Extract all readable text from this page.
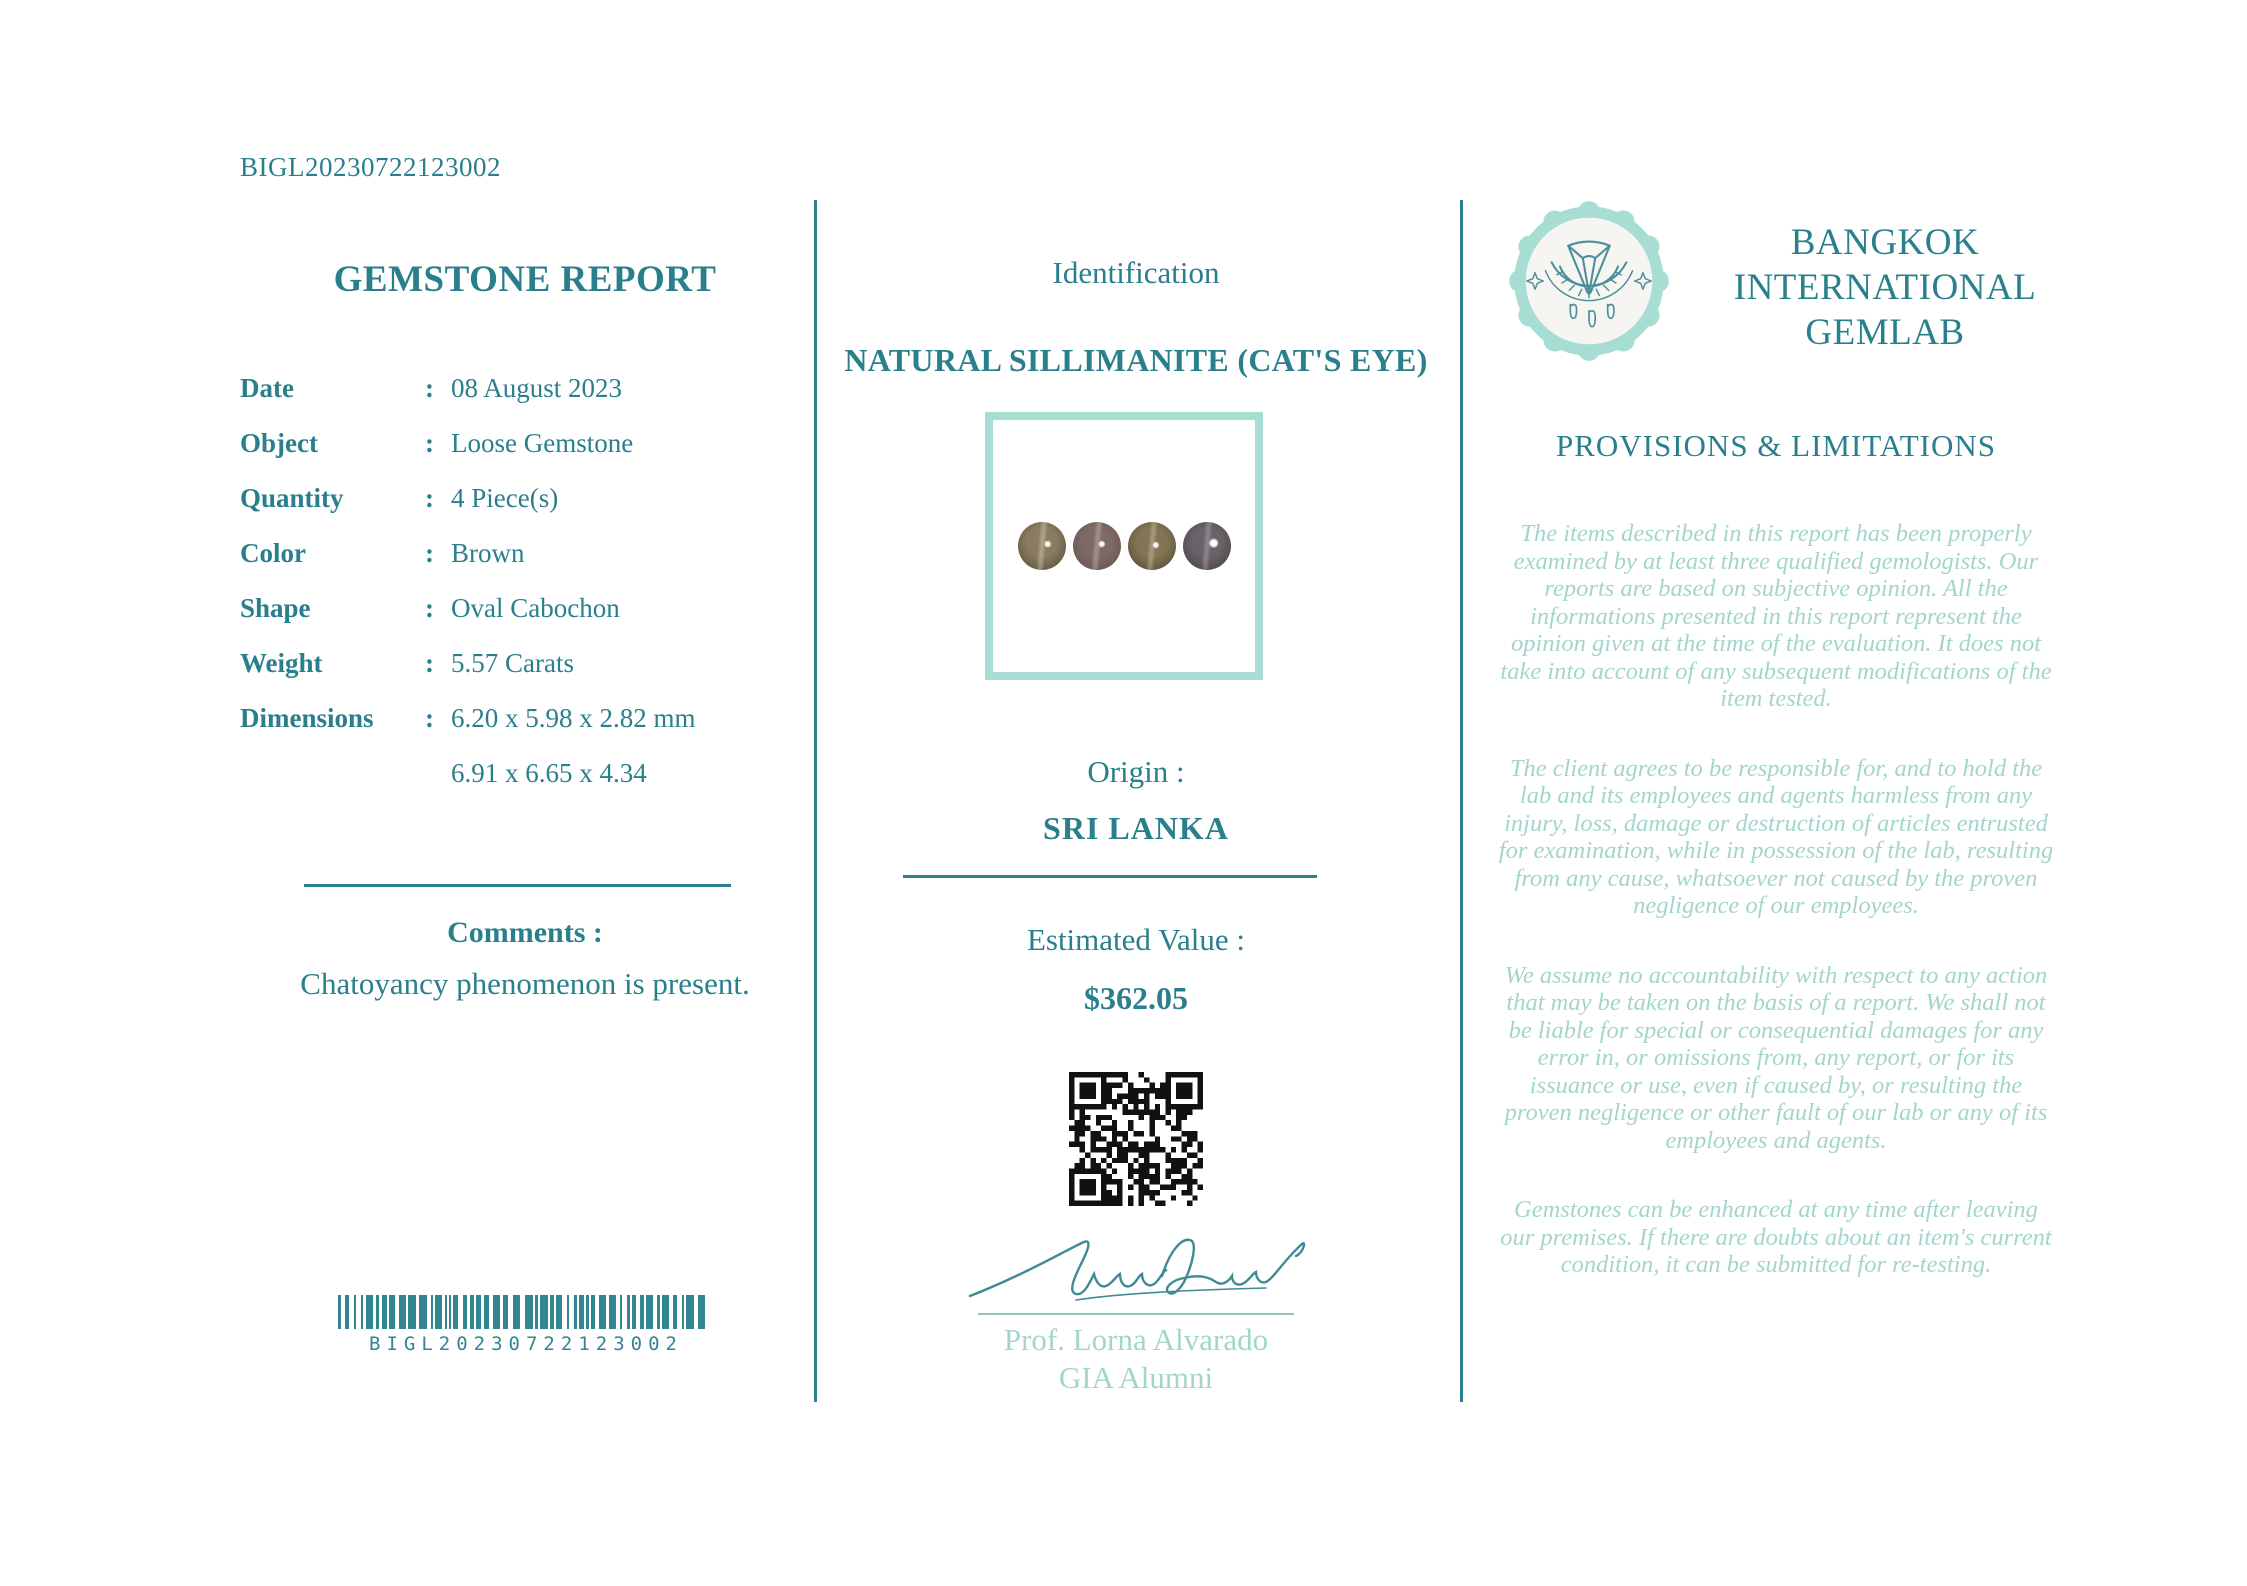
BIGL20230722123002
GEMSTONE REPORT
Date	: 08 August 2023
Object	: Loose Gemstone
Quantity	: 4 Piece(s)
Color	: Brown
Shape	: Oval Cabochon
Weight	: 5.57 Carats
Dimensions	: 6.20 x 5.98 x 2.82 mm
6.91 x 6.65 x 4.34
Comments :
Chatoyancy phenomenon is present.
BIGL20230722123002
Identification
NATURAL SILLIMANITE (CAT'S EYE)
Origin :
SRI LANKA
Estimated Value :
$362.05
Prof. Lorna Alvarado
GIA Alumni
BANGKOK
INTERNATIONAL
GEMLAB
PROVISIONS & LIMITATIONS

The items described in this report has been properly examined by at least three qualified gemologists. Our reports are based on subjective opinion. All the informations presented in this report represent the opinion given at the time of the evaluation. It does not take into account of any subsequent modifications of the item tested.

The client agrees to be responsible for, and to hold the lab and its employees and agents harmless from any injury, loss, damage or destruction of articles entrusted for examination, while in possession of the lab, resulting from any cause, whatsoever not caused by the proven negligence of our employees.

We assume no accountability with respect to any action that may be taken on the basis of a report. We shall not be liable for special or consequential damages for any error in, or omissions from, any report, or for its issuance or use, even if caused by, or resulting the proven negligence or other fault of our lab or any of its employees and agents.

Gemstones can be enhanced at any time after leaving our premises. If there are doubts about an item's current condition, it can be submitted for re-testing.
